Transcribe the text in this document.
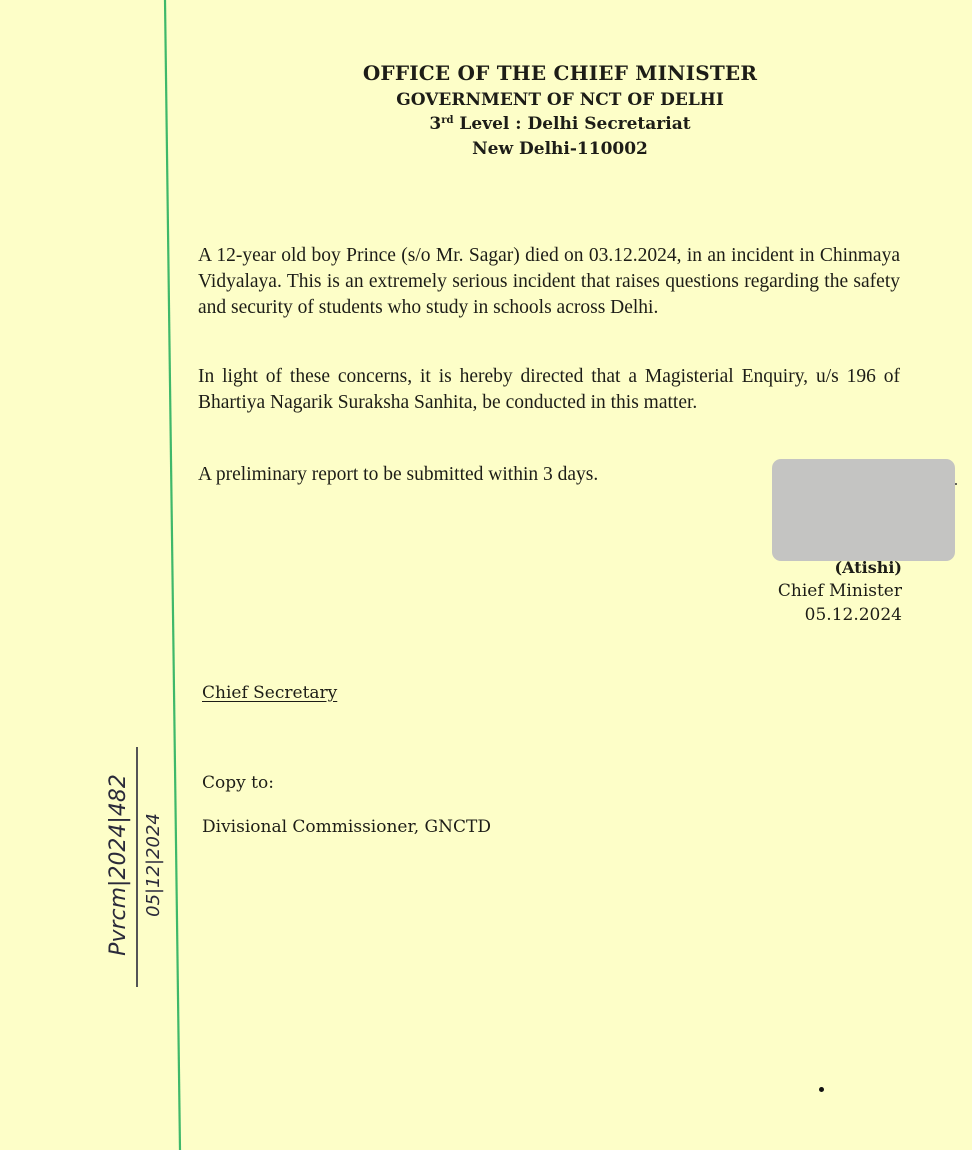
OFFICE OF THE CHIEF MINISTER
GOVERNMENT OF NCT OF DELHI
3rd Level : Delhi Secretariat
New Delhi-110002
A 12-year old boy Prince (s/o Mr. Sagar) died on 03.12.2024, in an incident in Chinmaya Vidyalaya. This is an extremely serious incident that raises questions regarding the safety and security of students who study in schools across Delhi.
In light of these concerns, it is hereby directed that a Magisterial Enquiry, u/s 196 of Bhartiya Nagarik Suraksha Sanhita, be conducted in this matter.
A preliminary report to be submitted within 3 days.
(Atishi)
Chief Minister
05.12.2024
Chief Secretary
Copy to:
Divisional Commissioner, GNCTD
Pvrcm|2024|482 05|12|2024
